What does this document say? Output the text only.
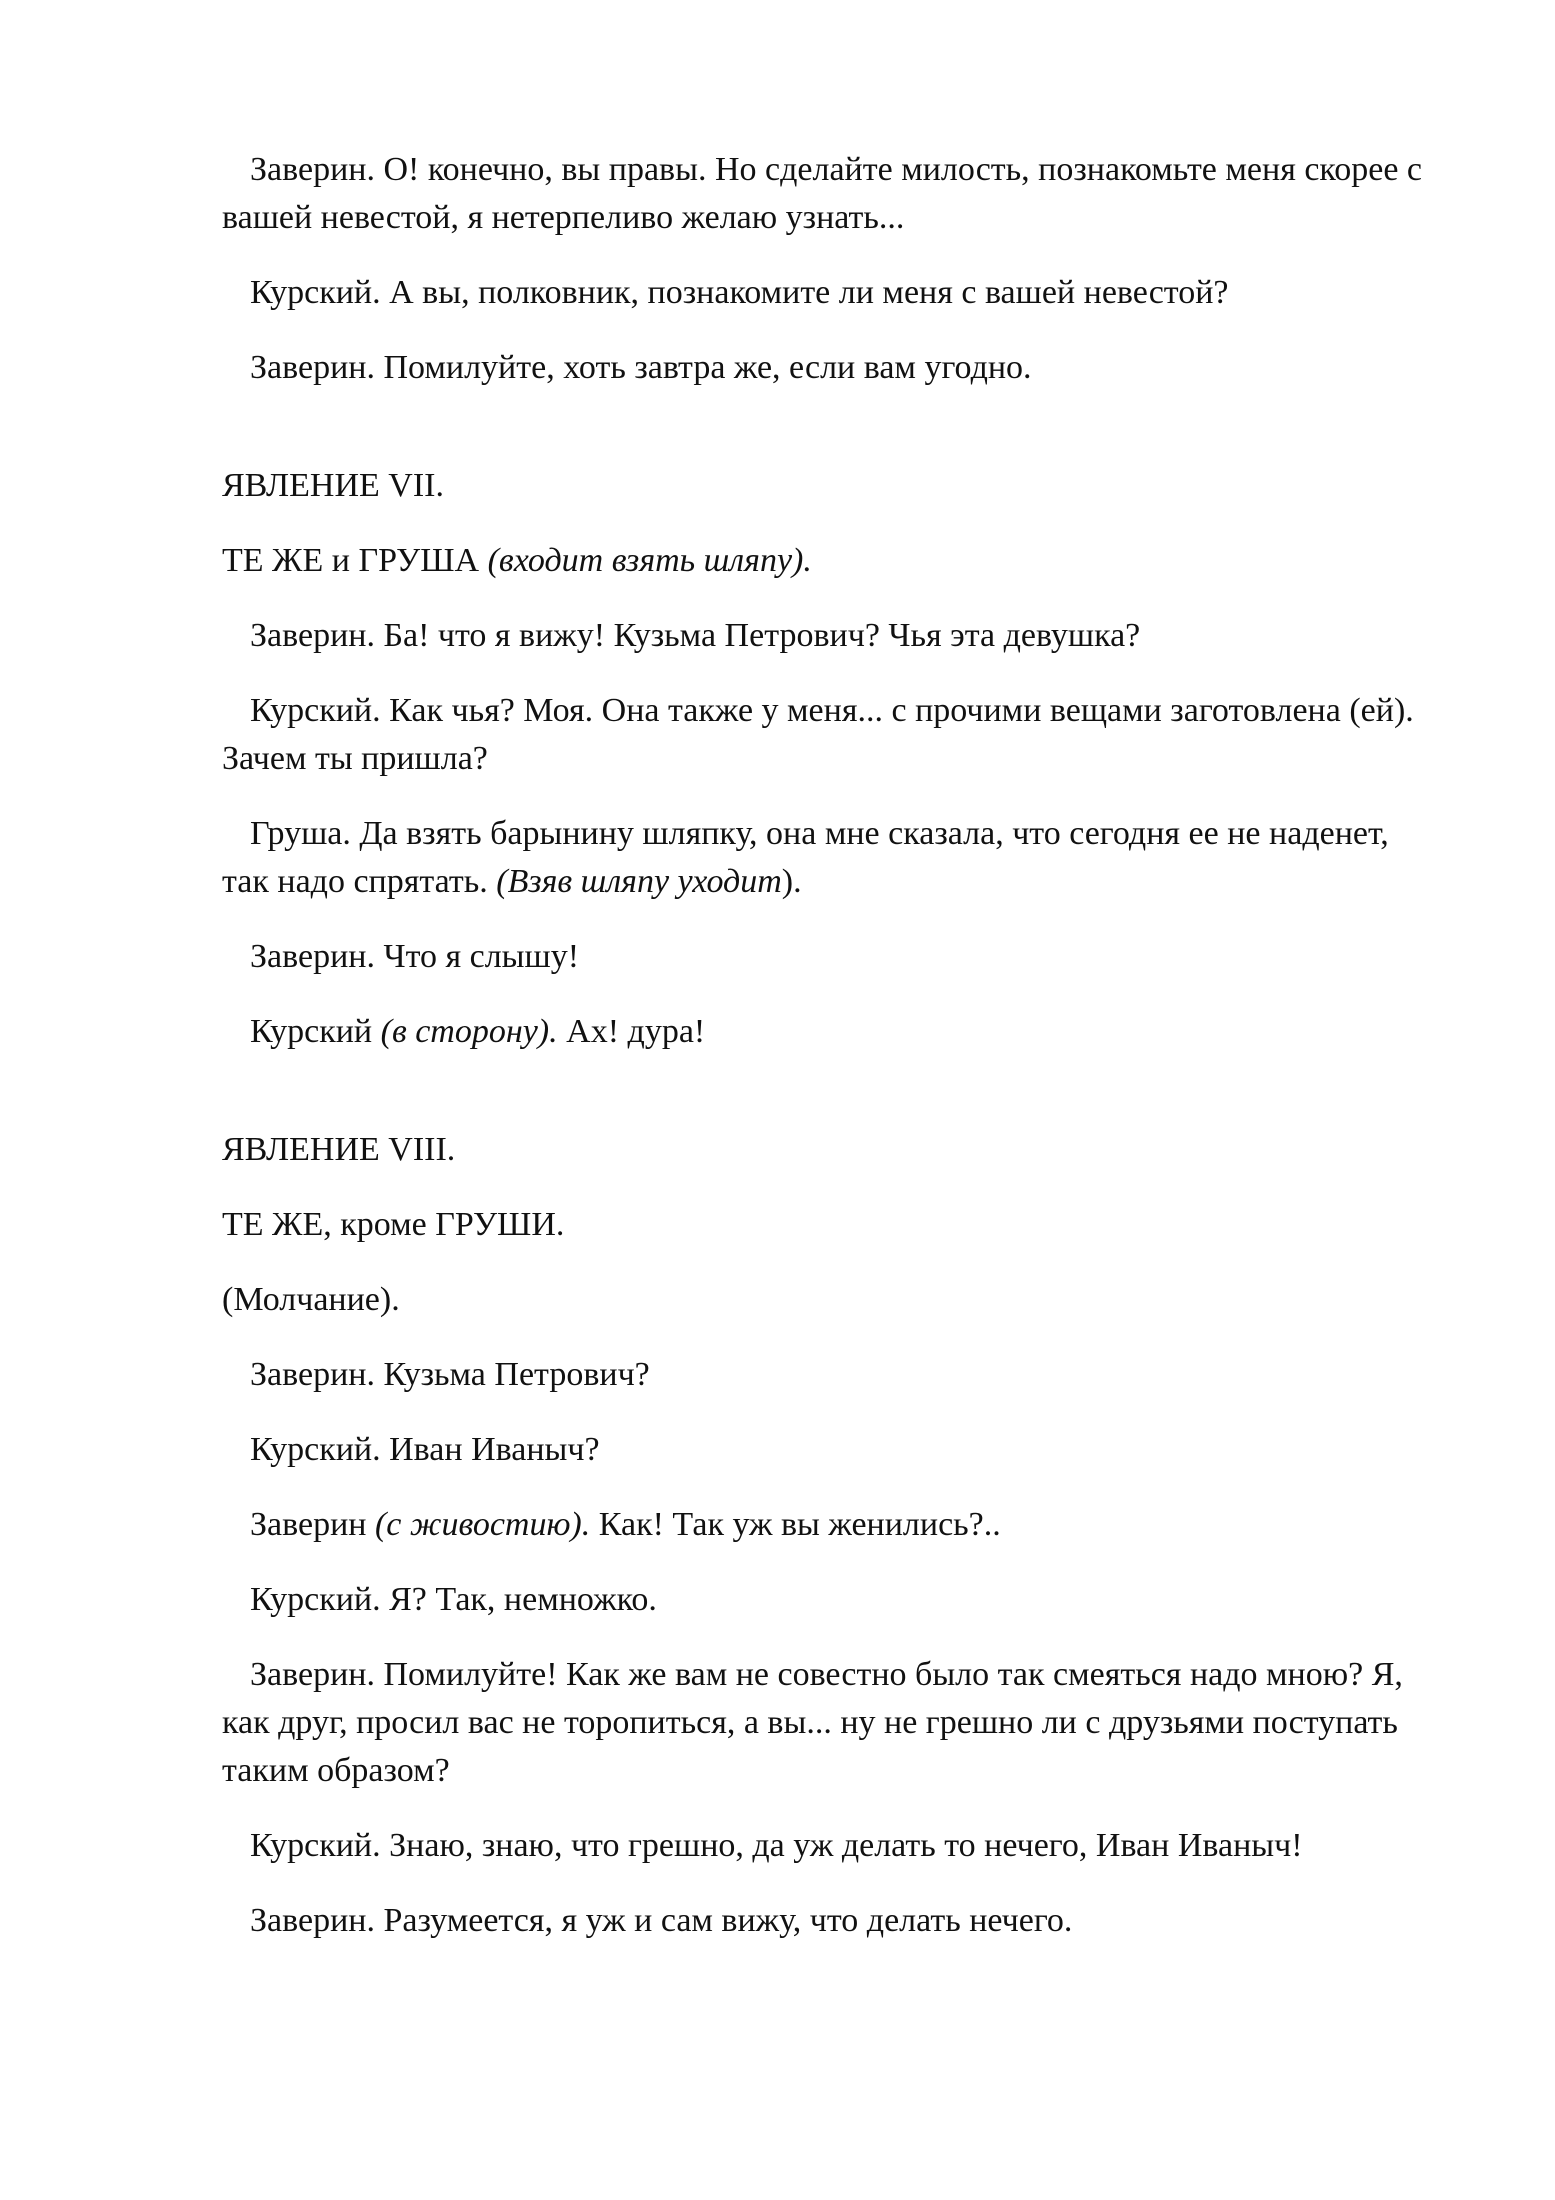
Заверин. О! конечно, вы правы. Но сделайте милость, познакомьте меня скорее с вашей невестой, я нетерпеливо желаю узнать...

Курский. А вы, полковник, познакомите ли меня с вашей невестой?

Заверин. Помилуйте, хоть завтра же, если вам угодно.

ЯВЛЕНИЕ VII.

ТЕ ЖЕ и ГРУША (входит взять шляпу).

Заверин. Ба! что я вижу! Кузьма Петрович? Чья эта девушка?

Курский. Как чья? Моя. Она также у меня... с прочими вещами заготовлена (ей). Зачем ты пришла?

Груша. Да взять барынину шляпку, она мне сказала, что сегодня ее не наденет, так надо спрятать. (Взяв шляпу уходит).

Заверин. Что я слышу!

Курский (в сторону). Ах! дура!

ЯВЛЕНИЕ VIII.

ТЕ ЖЕ, кроме ГРУШИ.

(Молчание).

Заверин. Кузьма Петрович?

Курский. Иван Иваныч?

Заверин (с живостию). Как! Так уж вы женились?..

Курский. Я? Так, немножко.

Заверин. Помилуйте! Как же вам не совестно было так смеяться надо мною? Я, как друг, просил вас не торопиться, а вы... ну не грешно ли с друзьями поступать таким образом?

Курский. Знаю, знаю, что грешно, да уж делать то нечего, Иван Иваныч!

Заверин. Разумеется, я уж и сам вижу, что делать нечего.
